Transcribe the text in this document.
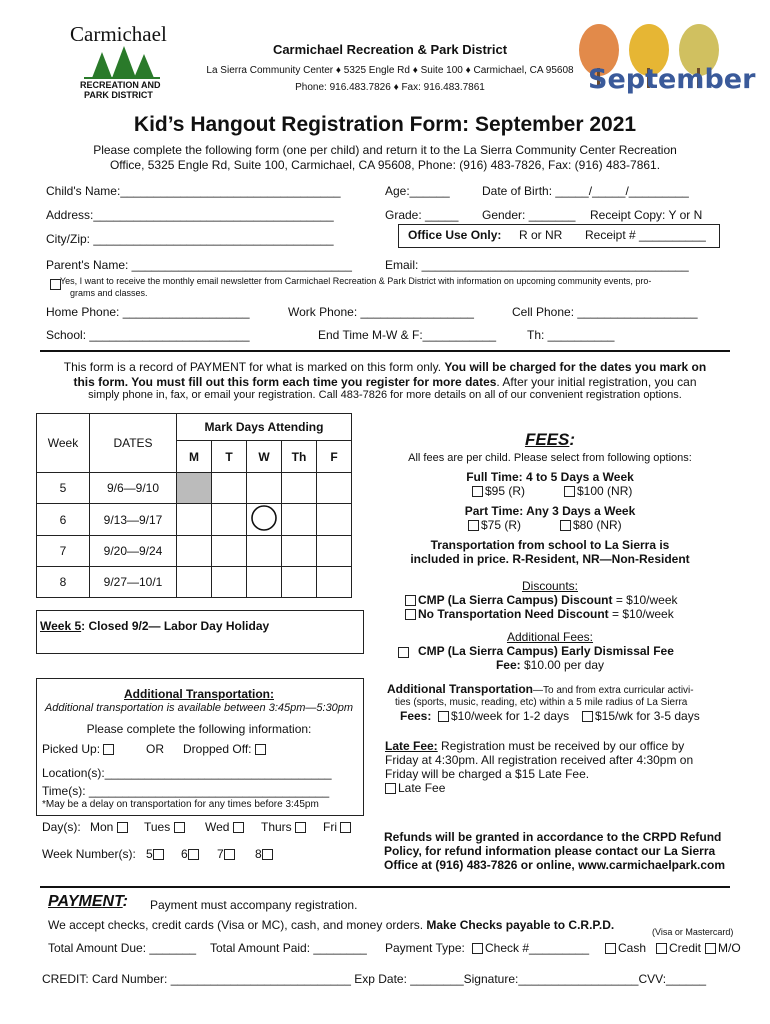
Carmichael
RECREATION AND
PARK DISTRICT
Carmichael Recreation & Park District
La Sierra Community Center ♦ 5325 Engle Rd ♦ Suite 100 ♦ Carmichael, CA 95608
Phone: 916.483.7826 ♦ Fax: 916.483.7861	September
Kid’s Hangout Registration Form: September 2021
Please complete the following form (one per child) and return it to the La Sierra Community Center Recreation
Office, 5325 Engle Rd, Suite 100, Carmichael, CA 95608, Phone: (916) 483-7826, Fax: (916) 483-7861.
Child's Name:_________________________________	Age:______	Date of Birth: _____/_____/_________
Address:____________________________________	Grade: _____ Gender: _______ Receipt Copy: Y or N
City/Zip: ____________________________________	Office Use Only: R or NR Receipt # __________
Parent's Name: _________________________________	Email: ________________________________________
Yes, I want to receive the monthly email newsletter from Carmichael Recreation & Park District with information on upcoming community events, pro-
grams and classes.
Home Phone: ___________________	Work Phone: _________________	Cell Phone: __________________
School: ________________________	End Time M-W & F:___________	Th: __________
This form is a record of PAYMENT for what is marked on this form only. You will be charged for the dates you mark on
this form. You must fill out this form each time you register for more dates. After your initial registration, you can
simply phone in, fax, or email your registration. Call 483-7826 for more details on all of our convenient registration options.
Week	DATES	Mark Days Attending				
		M	T	W	Th	F
5	9/6—9/10					
6	9/13—9/17					
7	9/20—9/24					
8	9/27—10/1					
Week 5: Closed 9/2— Labor Day Holiday
FEES:
All fees are per child. Please select from following options:
Full Time: 4 to 5 Days a Week
$95 (R)	$100 (NR)
Part Time: Any 3 Days a Week
$75 (R)	$80 (NR)
Transportation from school to La Sierra is
included in price. R-Resident, NR—Non-Resident
Discounts:
CMP (La Sierra Campus) Discount = $10/week
No Transportation Need Discount = $10/week
Additional Fees:
CMP (La Sierra Campus) Early Dismissal Fee
Fee: $10.00 per day
Additional Transportation:
Additional transportation is available between 3:45pm—5:30pm
Please complete the following information:
Picked Up:	OR Dropped Off:
Location(s):__________________________________
Time(s): ____________________________________
*May be a delay on transportation for any times before 3:45pm
Day(s): Mon	Tues	Wed	Thurs	Fri
Week Number(s): 5	6	7	8
Additional Transportation—To and from extra curricular activi-
ties (sports, music, reading, etc) within a 5 mile radius of La Sierra
Fees:	$10/week for 1-2 days	$15/wk for 3-5 days
Late Fee: Registration must be received by our office by
Friday at 4:30pm. All registration received after 4:30pm on
Friday will be charged a $15 Late Fee.
Late Fee
Refunds will be granted in accordance to the CRPD Refund
Policy, for refund information please contact our La Sierra
Office at (916) 483-7826 or online, www.carmichaelpark.com
PAYMENT: Payment must accompany registration.
We accept checks, credit cards (Visa or MC), cash, and money orders. Make Checks payable to C.R.P.D.	(Visa or Mastercard)
Total Amount Due: _______ Total Amount Paid: ________ Payment Type:	Check #_________	Cash	Credit	M/O
CREDIT: Card Number: ___________________________ Exp Date: ________Signature:__________________CVV:______
